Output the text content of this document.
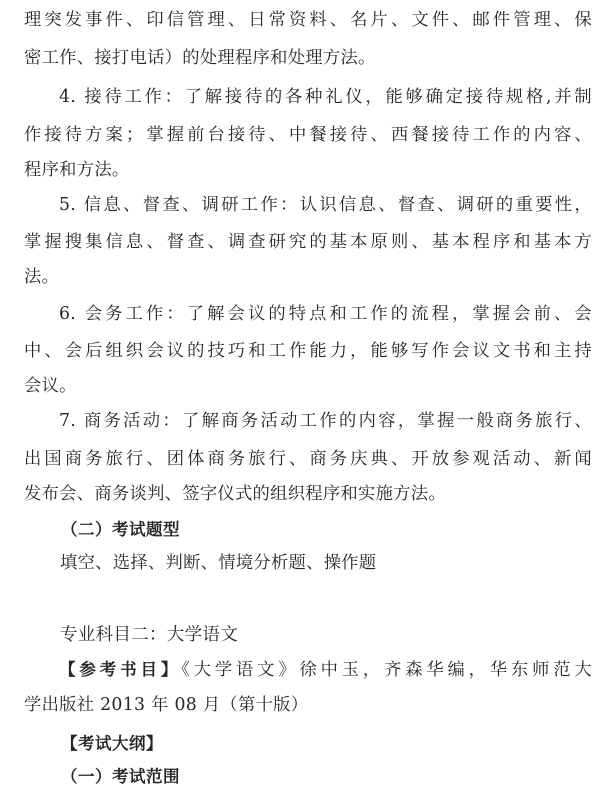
理突发事件、印信管理、日常资料、名片、文件、邮件管理、保
密工作、接打电话）的处理程序和处理方法。
4. 接待工作：了解接待的各种礼仪，能够确定接待规格,并制
作接待方案；掌握前台接待、中餐接待、西餐接待工作的内容、
程序和方法。
5. 信息、督查、调研工作：认识信息、督查、调研的重要性，
掌握搜集信息、督查、调查研究的基本原则、基本程序和基本方
法。
6. 会务工作：了解会议的特点和工作的流程，掌握会前、会
中、会后组织会议的技巧和工作能力，能够写作会议文书和主持
会议。
7. 商务活动：了解商务活动工作的内容，掌握一般商务旅行、
出国商务旅行、团体商务旅行、商务庆典、开放参观活动、新闻
发布会、商务谈判、签字仪式的组织程序和实施方法。
（二）考试题型
填空、选择、判断、情境分析题、操作题
专业科目二：大学语文
【参考书目】《大学语文》徐中玉，齐森华编，华东师范大
学出版社 2013 年 08 月（第十版）
【考试大纲】
（一）考试范围
